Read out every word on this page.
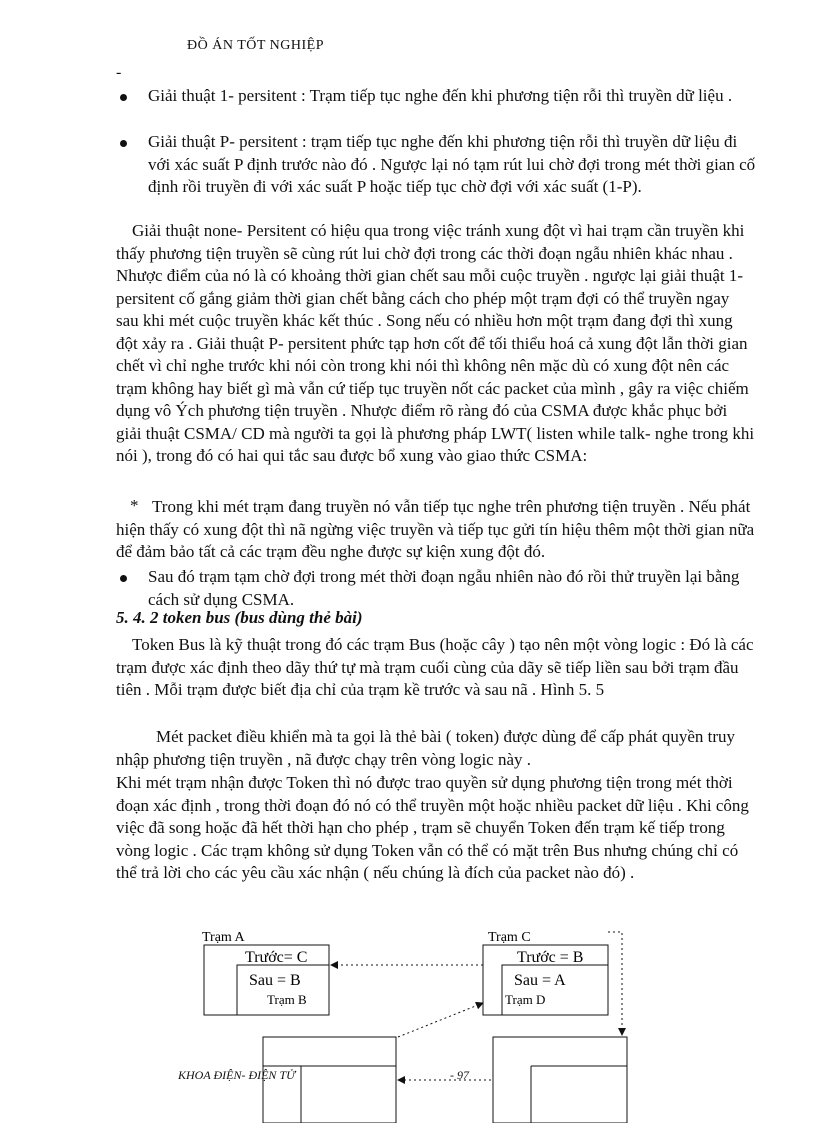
ĐỒ ÁN TỐT NGHIỆP
-
Giải thuật 1- persitent : Trạm tiếp tục nghe đến khi phương tiện rỗi thì truyền dữ liệu .
Giải thuật P- persitent : trạm tiếp tục nghe đến khi phương tiện rỗi thì truyền dữ liệu đi với xác suất P định trước nào đó . Ngược lại nó tạm rút lui chờ đợi trong mét thời gian cố định rồi truyền đi với xác suất P hoặc tiếp tục chờ đợi với xác suất (1-P).
Giải thuật none- Persitent có hiệu qua trong việc tránh xung đột vì hai trạm cần truyền khi thấy phương tiện truyền sẽ cùng rút lui chờ đợi trong các thời đoạn ngẫu nhiên khác nhau . Nhược điểm của nó là có khoảng thời gian chết sau mỗi cuộc truyền . ngược lại giải thuật 1- persitent cố gắng giảm thời gian chết bằng cách cho phép một trạm đợi có thể truyền ngay sau khi mét cuộc truyền khác kết thúc . Song nếu có nhiều hơn một trạm đang đợi thì xung đột xảy ra . Giải thuật P- persitent phức tạp hơn cốt để tối thiểu hoá cả xung đột lẫn thời gian chết vì chỉ nghe trước khi nói còn trong khi nói thì không nên mặc dù có xung đột nên các trạm không hay biết gì mà vẫn cứ tiếp tục truyền nốt các packet của mình , gây ra việc chiếm dụng vô Ých phương tiện truyền . Nhược điểm rõ ràng đó của CSMA được khắc phục bởi giải thuật CSMA/ CD mà người ta gọi là phương pháp LWT( listen while talk- nghe trong khi nói ), trong đó có hai qui tắc sau được bổ xung vào giao thức CSMA:
* Trong khi mét trạm đang truyền nó vẫn tiếp tục nghe trên phương tiện truyền . Nếu phát hiện thấy có xung đột thì nã ngừng việc truyền và tiếp tục gửi tín hiệu thêm một thời gian nữa để đảm bảo tất cả các trạm đều nghe được sự kiện xung đột đó.
Sau đó trạm tạm chờ đợi trong mét thời đoạn ngẫu nhiên nào đó rồi thử truyền lại bằng cách sử dụng CSMA.
5. 4. 2 token bus (bus dùng thẻ bài)
Token Bus là kỹ thuật trong đó các trạm Bus (hoặc cây ) tạo nên một vòng logic : Đó là các trạm được xác định theo dãy thứ tự mà trạm cuối cùng của dãy sẽ tiếp liền sau bởi trạm đầu tiên . Mỗi trạm được biết địa chỉ của trạm kề trước và sau nã . Hình 5. 5
Mét packet điều khiển mà ta gọi là thẻ bài ( token) được dùng để cấp phát quyền truy nhập phương tiện truyền , nã được chạy trên vòng logic này .
Khi mét trạm nhận được Token thì nó được trao quyền sử dụng phương tiện trong mét thời đoạn xác định , trong thời đoạn đó nó có thể truyền một hoặc nhiều packet dữ liệu . Khi công việc đã song hoặc đã hết thời hạn cho phép , trạm sẽ chuyển Token đến trạm kế tiếp trong vòng logic . Các trạm không sử dụng Token vẫn có thể có mặt trên Bus nhưng chúng chỉ có thể trả lời cho các yêu cầu xác nhận ( nếu chúng là đích của packet nào đó) .
Trạm A
Trước= C
Sau = B
Trạm B
Trạm C
Trước = B
Sau = A
Trạm D
KHOA ĐIỆN- ĐIỆN TỬ	- 97
